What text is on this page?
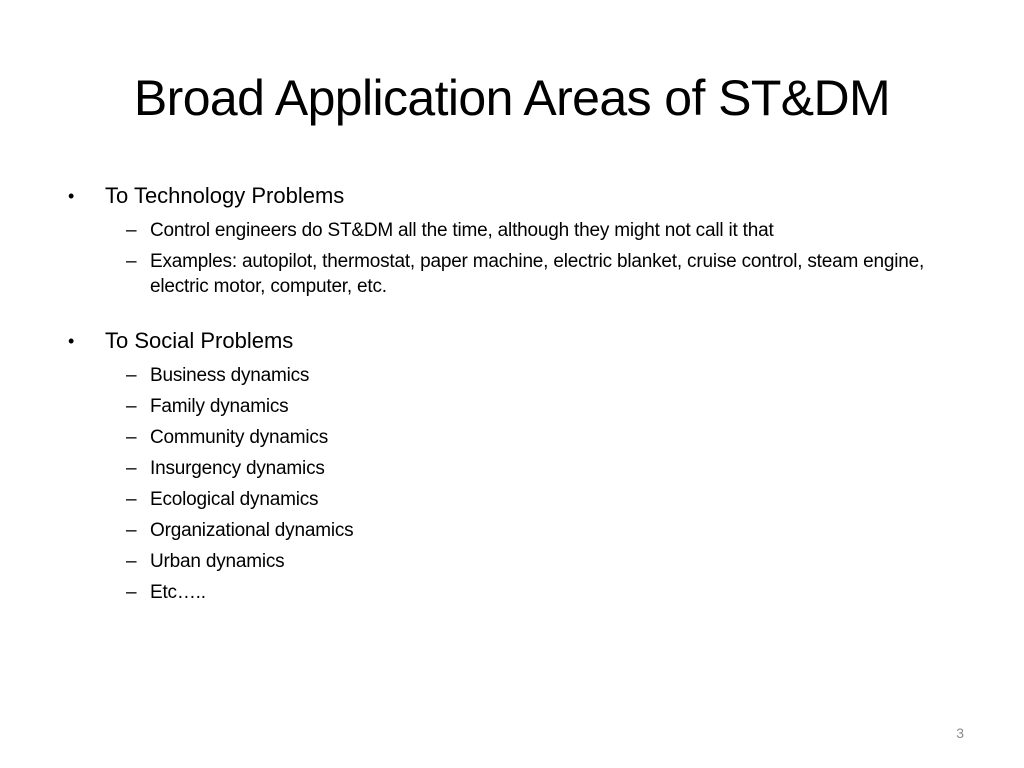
Broad Application Areas of ST&DM
•	To Technology Problems
– Control engineers do ST&DM all the time, although they might not call it that
– Examples: autopilot, thermostat, paper machine, electric blanket, cruise control, steam engine, electric motor, computer, etc.
•	To Social Problems
– Business dynamics
– Family dynamics
– Community dynamics
– Insurgency dynamics
– Ecological dynamics
– Organizational dynamics
– Urban dynamics
– Etc…..
3
